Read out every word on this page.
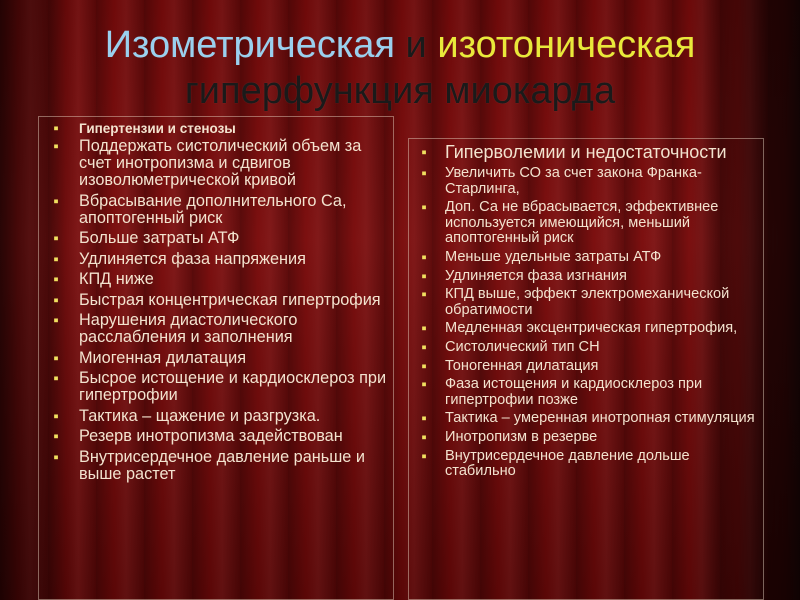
Изометрическая и изотоническая
гиперфункция миокарда
▪ Гипертензии и стенозы
▪ Поддержать систолический объем за счет инотропизма и сдвигов изоволюметрической кривой
▪ Вбрасывание дополнительного Са, апоптогенный риск
▪ Больше затраты АТФ
▪ Удлиняется фаза напряжения
▪ КПД ниже
▪ Быстрая концентрическая гипертрофия
▪ Нарушения диастолического расслабления и заполнения
▪ Миогенная дилатация
▪ Бысрое истощение и кардиосклероз при гипертрофии
▪ Тактика – щажение и разгрузка.
▪ Резерв инотропизма задействован
▪ Внутрисердечное давление раньше и выше растет
▪ Гиперволемии и недостаточности
▪ Увеличить СО за счет закона Франка-Старлинга,
▪ Доп. Са не вбрасывается, эффективнее используется имеющийся, меньший апоптогенный риск
▪ Меньше удельные затраты АТФ
▪ Удлиняется фаза изгнания
▪ КПД выше, эффект электромеханической обратимости
▪ Медленная эксцентрическая гипертрофия,
▪ Систолический тип СН
▪ Тоногенная дилатация
▪ Фаза истощения и кардиосклероз при гипертрофии позже
▪ Тактика – умеренная инотропная стимуляция
▪ Инотропизм в резерве
▪ Внутрисердечное давление дольше стабильно
